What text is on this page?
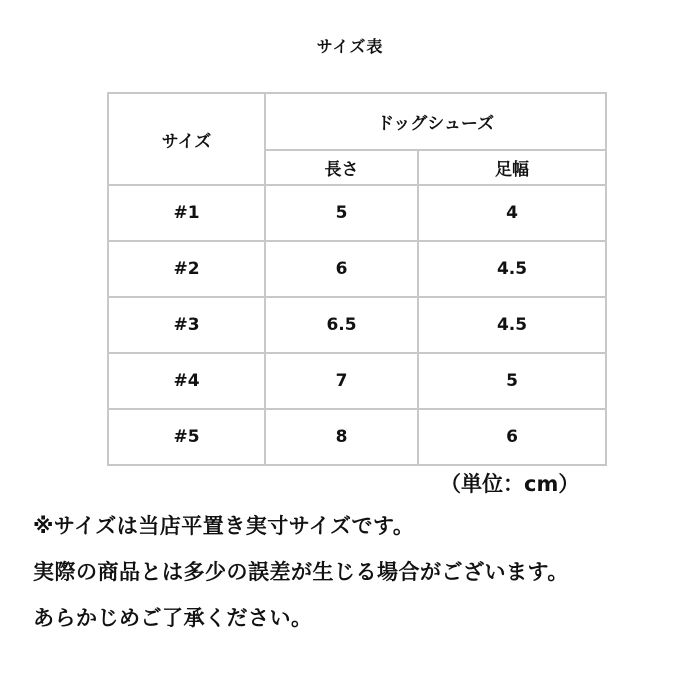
サイズ表
サイズ	ドッグシューズ	
	長さ	足幅
#1	5	4
#2	6	4.5
#3	6.5	4.5
#4	7	5
#5	8	6
（単位：cm）
※サイズは当店平置き実寸サイズです。
実際の商品とは多少の誤差が生じる場合がございます。
あらかじめご了承ください。
